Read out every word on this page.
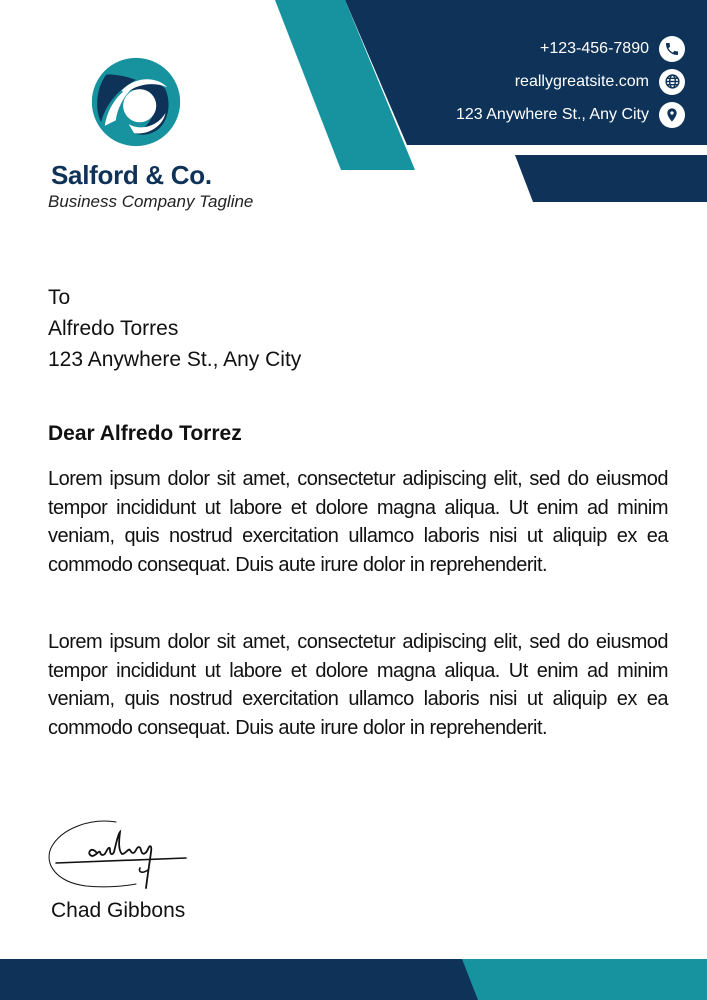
Salford & Co.
Business Company Tagline
+123-456-7890
reallygreatsite.com
123 Anywhere St., Any City
To
Alfredo Torres
123 Anywhere St., Any City
Dear Alfredo Torrez

Lorem ipsum dolor sit amet, consectetur adipiscing elit, sed do eiusmod tempor incididunt ut labore et dolore magna aliqua. Ut enim ad minim veniam, quis nostrud exercitation ullamco laboris nisi ut aliquip ex ea commodo consequat. Duis aute irure dolor in reprehenderit.

Lorem ipsum dolor sit amet, consectetur adipiscing elit, sed do eiusmod tempor incididunt ut labore et dolore magna aliqua. Ut enim ad minim veniam, quis nostrud exercitation ullamco laboris nisi ut aliquip ex ea commodo consequat. Duis aute irure dolor in reprehenderit.

Chad Gibbons
